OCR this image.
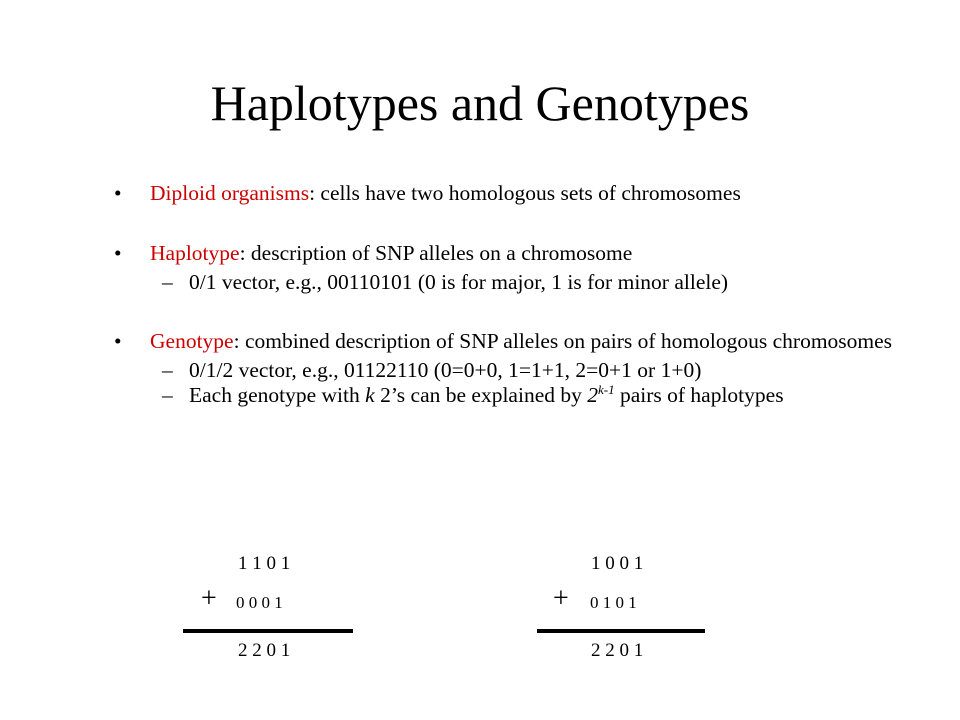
Haplotypes and Genotypes
• Diploid organisms: cells have two homologous sets of chromosomes
• Haplotype: description of SNP alleles on a chromosome
– 0/1 vector, e.g., 00110101 (0 is for major, 1 is for minor allele)
• Genotype: combined description of SNP alleles on pairs of homologous chromosomes
– 0/1/2 vector, e.g., 01122110 (0=0+0, 1=1+1, 2=0+1 or 1+0)
– Each genotype with k 2’s can be explained by 2$^{k-1}$ pairs of haplotypes
1 1 0 1
+ 0 0 0 1
2 2 0 1
1 0 0 1
+ 0 1 0 1
2 2 0 1
